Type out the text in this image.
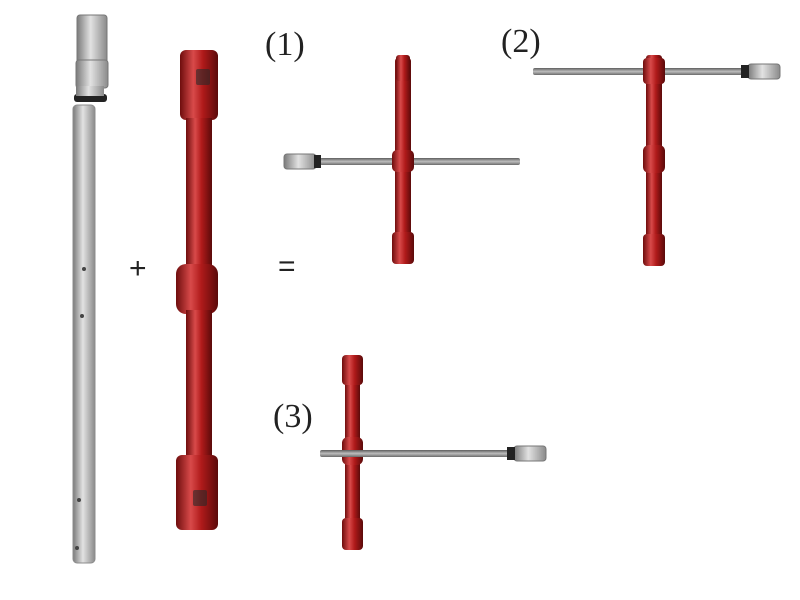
(1)	(2)
(3)
+	=
